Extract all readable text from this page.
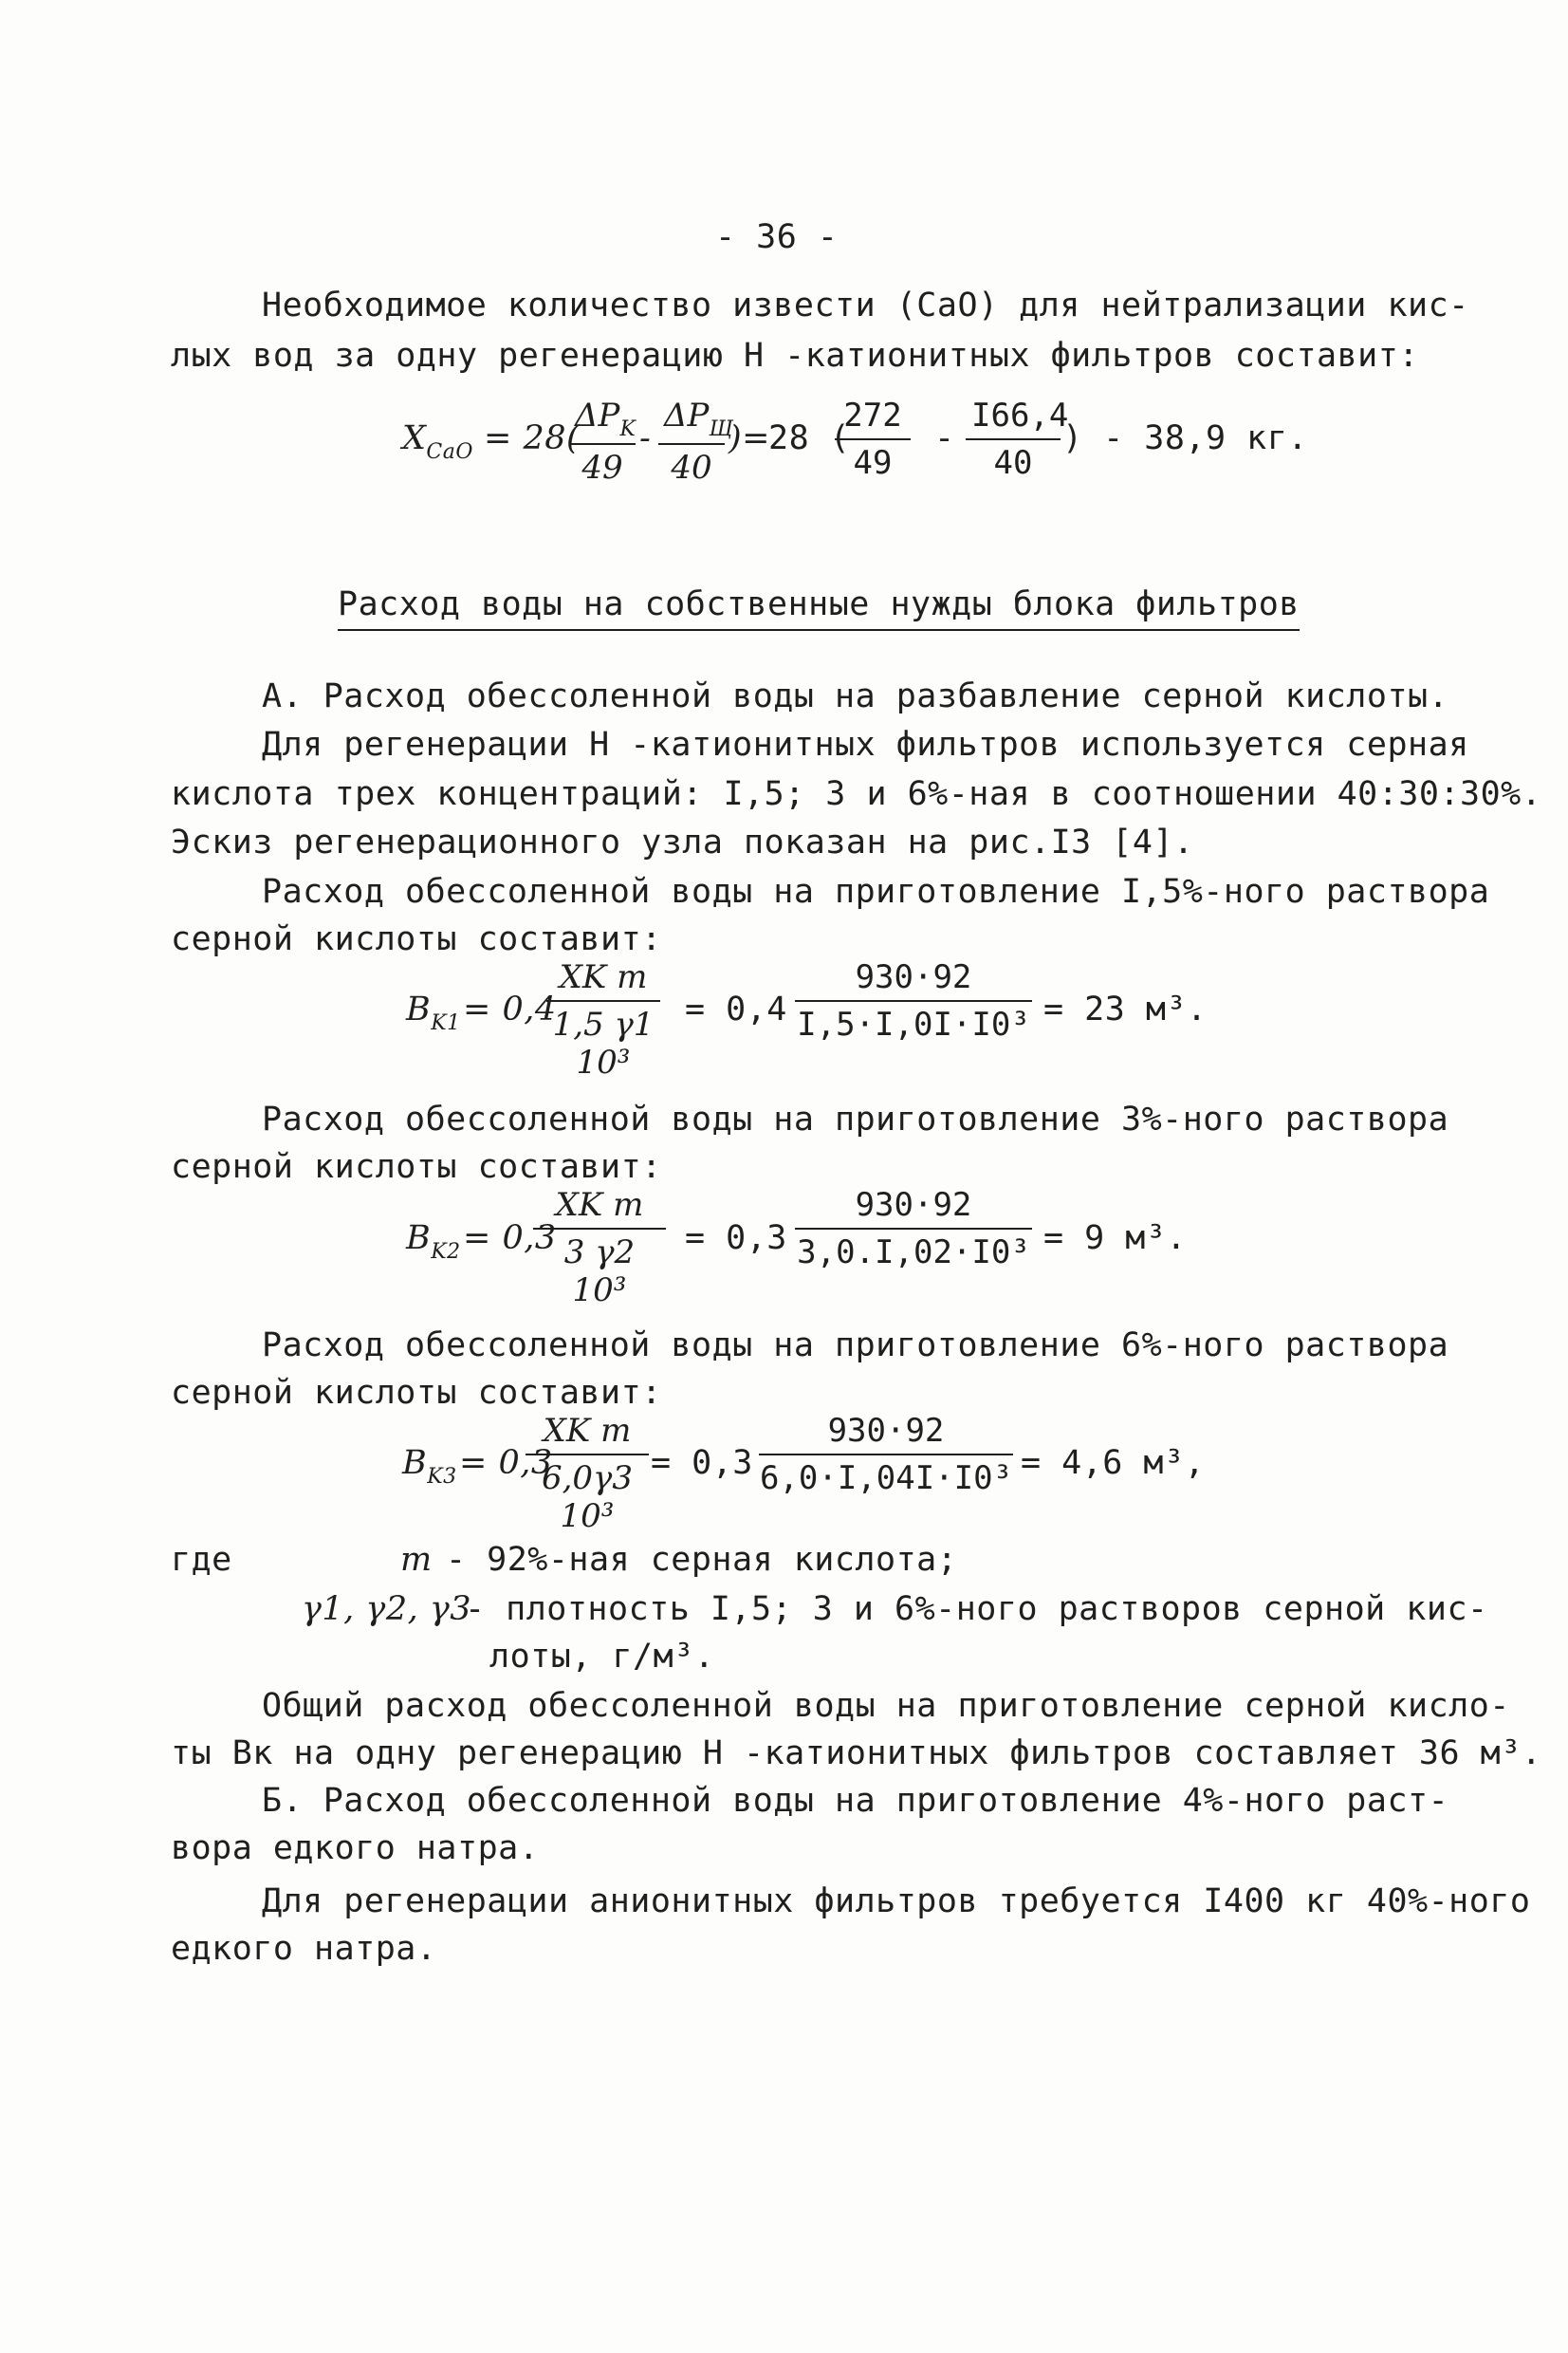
- 36 -
Необходимое количество извести (CaO) для нейтрализации кис-
лых вод за одну регенерацию H -катионитных фильтров составит:
$X_{CaO} = 28$(
$\Delta P_K$
49
-
$\Delta P_Щ$
40
)=
28 (
$\frac{272}{49} - \frac{I66,4}{40}$ ) - 38,9 кг.
Расход воды на собственные нужды блока фильтров
А. Расход обессоленной воды на разбавление серной кислоты.
Для регенерации H -катионитных фильтров используется серная
кислота трех концентраций: I,5; 3 и 6%-ная в соотношении 40:30:30%.
Эскиз регенерационного узла показан на рис.I3 [4].
Расход обессоленной воды на приготовление I,5%-ного раствора
серной кислоты составит:
$B_{K1} = 0,4$
$\frac{\text{XK m}}{\text{1,5 γ1 10³}} = 0,4 \frac{930\cdot 92}{\text{I,5·I,0I·I0³}} = 23$ м³.
Расход обессоленной воды на приготовление 3%-ного раствора
серной кислоты составит:
$B_{K2} = 0,3$
$\frac{\text{XK m}}{\text{3 γ2 10³}} = 0,3 \frac{930\cdot 92}{\text{3,0.I,02·I0³}} = 9$ м³.
Расход обессоленной воды на приготовление 6%-ного раствора
серной кислоты составит:
$B_{K3} = 0,3$
$\frac{\text{XK m}}{\text{6,0γ3 10³}} = 0,3 \frac{930\cdot 92}{\text{6,0·I,04I·I0³}} = 4,6$ м³,
где	m - 92%-ная серная кислота;
γ1, γ2, γ3
- плотность I,5; 3 и 6%-ного растворов серной кис-
лоты, г/м³.
Общий расход обессоленной воды на приготовление серной кисло-
ты Bк на одну регенерацию H -катионитных фильтров составляет 36 м³.
Б. Расход обессоленной воды на приготовление 4%-ного раст-
вора едкого натра.
Для регенерации анионитных фильтров требуется I400 кг 40%-ного
едкого натра.
